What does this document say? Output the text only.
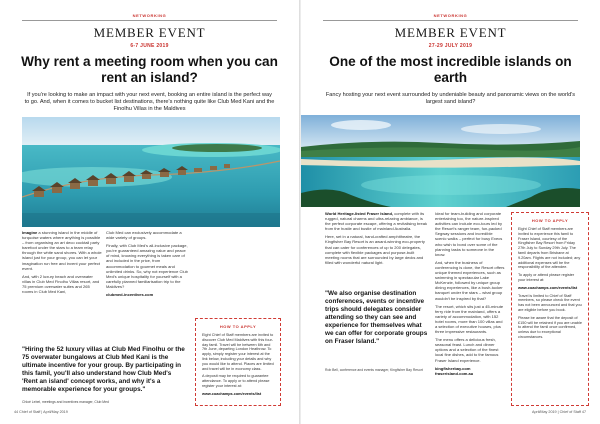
NETWORKING
MEMBER EVENT
6-7 JUNE 2019
Why rent a meeting room when you can rent an island?
If you're looking to make an impact with your next event, booking an entire island is the perfect way to go. And, when it comes to bucket list destinations, there's nothing quite like Club Med Kani and the Finolhu Villas in the Maldives

Imagine a stunning island in the middle of turquoise waters where anything is possible – from organising an art deco cocktail party barefoot under the stars to a team relay through the white sand shores. With a whole island just for your group, you can let your imagination run free and invent your perfect event.

And, with 2 luxury beach and overwater villas in Club Med Finolhu Villas resort, and 75 premium overwater suites and 265 rooms in Club Med Kani,

Club Med can exclusively accommodate a wide variety of groups.

Finally, with Club Med's all-inclusive package, you're guaranteed amazing value and peace of mind, knowing everything is taken care of and included in the price, from accommodation to gourmet meals and unlimited drinks. So, why not experience Club Med's unique hospitality for yourself with a carefully planned familiarisation trip to the Maldives?

clubmed-incentives.com

HOW TO APPLY

Eight Chief of Staff members are invited to discover Club Med Maldives with this four-day famil. Travel will be between 6th and 7th June, departing London Heathrow. To apply, simply register your interest at the link below, including your details and why you would like to attend. Places are limited and travel will be in economy class.

A deposit may be required to guarantee attendance. To apply or to attend please register your interest at:

www.coachamps.com/events/list

"Hiring the 52 luxury villas at Club Med Finolhu or the 75 overwater bungalows at Club Med Kani is the ultimate incentive for your group. By participating in this famil, you'll also understand how Club Med's 'Rent an island' concept works, and why it's a memorable experience for your groups."
Chloé Lebel, meetings and incentives manager, Club Med
44 Chief of Staff | April/May 2019
NETWORKING
MEMBER EVENT
27-29 JULY 2019
One of the most incredible islands on earth
Fancy hosting your next event surrounded by undeniable beauty and panoramic views on the world's largest sand island?

World Heritage-listed Fraser Island, complete with its rugged, natural charms and ultra-relaxing ambiance, is the perfect corporate escape, offering a revitalising break from the hustle and bustle of mainland Australia.

Here, set in a natural, hand-crafted amphitheatre, the Kingfisher Bay Resort is an award-winning eco-property that can cater for conferences of up to 200 delegates, complete with flexible packages and purpose-built meeting rooms that are surrounded by large decks and filled with wonderful natural light.

"We also organise destination conferences, events or incentive trips should delegates consider attending so they can see and experience for themselves what we can offer for corporate groups on Fraser Island."
Rob Bell, conference and events manager, Kingfisher Bay Resort

Ideal for team-building and corporate entertaining too, the nature-inspired activities can include eco-tours led by the Resort's ranger team, fun-packed Segway sessions and incredible scenic walks – perfect for busy Execs who wish to bond over some of the planning tasks to someone in the know.

And, when the business of conferencing is done, the Resort offers unique themed experiences, such as swimming in spectacular Lake McKenzie, followed by unique group dining experiences, like a bush-tucker banquet under the stars – what group wouldn't be inspired by that?

The resort, which sits just a 45-minute ferry ride from the mainland, offers a variety of accommodation, with 152 hotel rooms, more than 100 villas and a selection of executive houses, plus three impressive restaurants.

The menu offers a delicious fresh, seasonal feast. Lunch and dinner options and a selection of the finest local fine dishes, add to the famous Fraser Island experience.

kingfisherbay.com

fraserisland.com.au

HOW TO APPLY

Eight Chief of Staff members are invited to experience this famil to Fraser Island, courtesy of the Kingfisher Bay Resort from Friday 27th July to Sunday 29th July. The famil departs from Brisbane at 9.20am. Flights are not included; any additional expenses will be the responsibility of the attendee.

To apply or attend please register your interest at:

www.coachamps.com/events/list

Travel is limited to Chief of Staff members, so please check the event has not been announced and that you are eligible before you book.

Please be aware that the deposit of £150 will be retained if you are unable to attend the famil once confirmed, unless due to exceptional circumstances.

April/May 2019 | Chief of Staff 47
